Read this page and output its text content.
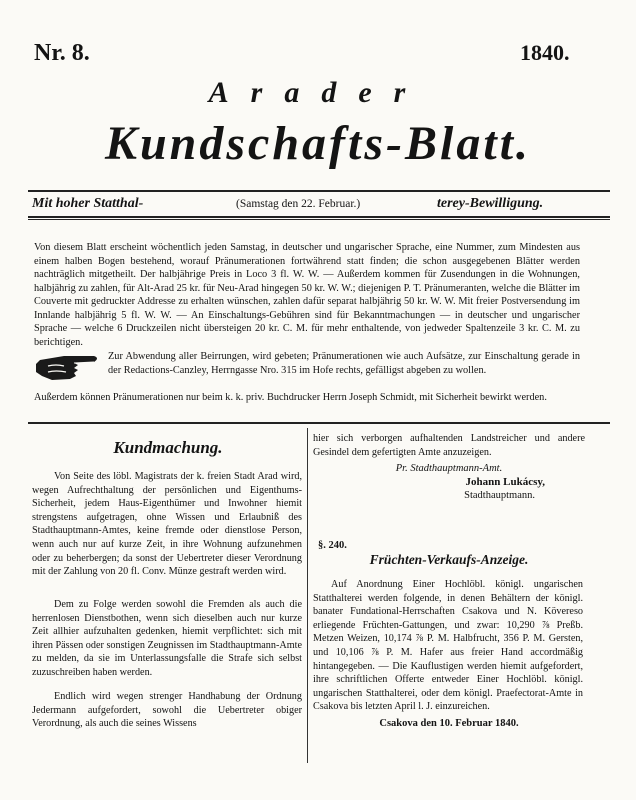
Nr. 8.	1840.
Arader
Kundschafts-Blatt.
Mit hoher Statthal-	(Samstag den 22. Februar.)	terey-Bewilligung.
Von diesem Blatt erscheint wöchentlich jeden Samstag, in deutscher und ungarischer Sprache, eine Nummer, zum Mindesten aus einem halben Bogen bestehend, worauf Pränumerationen fortwährend statt finden; die schon ausgegebenen Blätter werden nachträglich mitgetheilt. Der halbjährige Preis in Loco 3 fl. W. W. — Außerdem kommen für Zusendungen in die Wohnungen, halbjährig zu zahlen, für Alt-Arad 25 kr. für Neu-Arad hingegen 50 kr. W. W.; diejenigen P. T. Pränumeranten, welche die Blätter im Couverte mit gedruckter Addresse zu erhalten wünschen, zahlen dafür separat halbjährig 50 kr. W. W. Mit freier Postversendung im Innlande halbjährig 5 fl. W. W. — An Einschaltungs-Gebühren sind für Bekanntmachungen — in deutscher und ungarischer Sprache — welche 6 Druckzeilen nicht übersteigen 20 kr. C. M. für mehr enthaltende, von jedweder Spaltenzeile 3 kr. C. M. zu berichtigen.
Zur Abwendung aller Beirrungen, wird gebeten; Pränumerationen wie auch Aufsätze, zur Einschaltung gerade in der Redactions-Canzley, Herrngasse Nro. 315 im Hofe rechts, gefälligst abgeben zu wollen.
Außerdem können Pränumerationen nur beim k. k. priv. Buchdrucker Herrn Joseph Schmidt, mit Sicherheit bewirkt werden.
Kundmachung.

Von Seite des löbl. Magistrats der k. freien Stadt Arad wird, wegen Aufrechthaltung der persönlichen und Eigenthums-Sicherheit, jedem Haus-Eigenthümer und Inwohner hiemit strengstens aufgetragen, ohne Wissen und Erlaubniß des Stadthauptmann-Amtes, keine fremde oder dienstlose Person, wenn auch nur auf kurze Zeit, in ihre Wohnung aufzunehmen oder zu beherbergen; da sonst der Uebertreter dieser Verordnung mit der Zahlung von 20 fl. Conv. Münze gestraft werden wird.

Dem zu Folge werden sowohl die Fremden als auch die herrenlosen Dienstbothen, wenn sich dieselben auch nur kurze Zeit allhier aufzuhalten gedenken, hiemit verpflichtet: sich mit ihren Pässen oder sonstigen Zeugnissen im Stadthauptmann-Amte zu melden, da sie im Unterlassungsfalle die Strafe sich selbst zuzuschreiben haben werden.

Endlich wird wegen strenger Handhabung der Ordnung Jedermann aufgefordert, sowohl die Uebertreter obiger Verordnung, als auch die seines Wissens

hier sich verborgen aufhaltenden Landstreicher und andere Gesindel dem gefertigten Amte anzuzeigen.

Pr. Stadthauptmann-Amt.
Johann Lukácsy,
Stadthauptmann.
§. 240.
Früchten-Verkaufs-Anzeige.

Auf Anordnung Einer Hochlöbl. königl. ungarischen Statthalterei werden folgende, in denen Behältern der königl. banater Fundational-Herrschaften Csakova und N. Kövereso erliegende Früchten-Gattungen, und zwar: 10,290 ⅞ Preßb. Metzen Weizen, 10,174 ⅞ P. M. Halbfrucht, 356 P. M. Gersten, und 10,106 ⅞ P. M. Hafer aus freier Hand accordmäßig hintangegeben. — Die Kauflustigen werden hiemit aufgefordert, ihre schriftlichen Offerte entweder Einer Hochlöbl. königl. ungarischen Statthalterei, oder dem königl. Praefectorat-Amte in Csakova bis letzten April l. J. einzureichen.

Csakova den 10. Februar 1840.
